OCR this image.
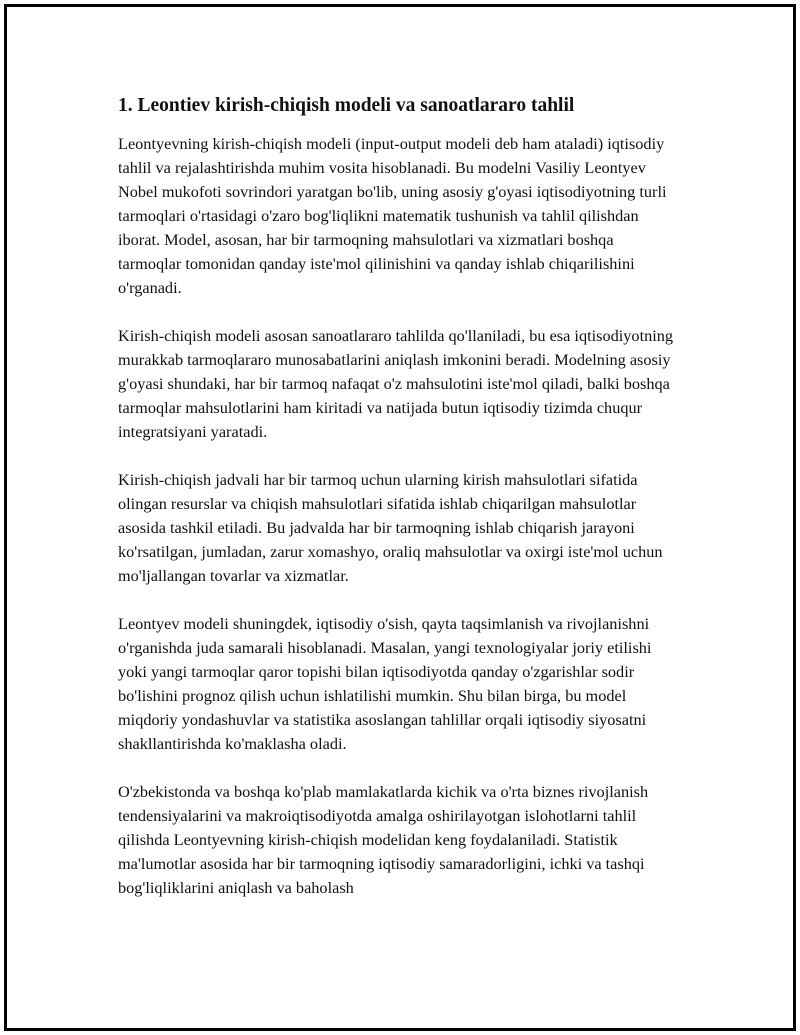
1. Leontiev kirish-chiqish modeli va sanoatlararo tahlil

Leontyevning kirish-chiqish modeli (input-output modeli deb ham ataladi) iqtisodiy tahlil va rejalashtirishda muhim vosita hisoblanadi. Bu modelni Vasiliy Leontyev Nobel mukofoti sovrindori yaratgan bo'lib, uning asosiy g'oyasi iqtisodiyotning turli tarmoqlari o'rtasidagi o'zaro bog'liqlikni matematik tushunish va tahlil qilishdan iborat. Model, asosan, har bir tarmoqning mahsulotlari va xizmatlari boshqa tarmoqlar tomonidan qanday iste'mol qilinishini va qanday ishlab chiqarilishini o'rganadi.

Kirish-chiqish modeli asosan sanoatlararo tahlilda qo'llaniladi, bu esa iqtisodiyotning murakkab tarmoqlararo munosabatlarini aniqlash imkonini beradi. Modelning asosiy g'oyasi shundaki, har bir tarmoq nafaqat o'z mahsulotini iste'mol qiladi, balki boshqa tarmoqlar mahsulotlarini ham kiritadi va natijada butun iqtisodiy tizimda chuqur integratsiyani yaratadi.

Kirish-chiqish jadvali har bir tarmoq uchun ularning kirish mahsulotlari sifatida olingan resurslar va chiqish mahsulotlari sifatida ishlab chiqarilgan mahsulotlar asosida tashkil etiladi. Bu jadvalda har bir tarmoqning ishlab chiqarish jarayoni ko'rsatilgan, jumladan, zarur xomashyo, oraliq mahsulotlar va oxirgi iste'mol uchun mo'ljallangan tovarlar va xizmatlar.

Leontyev modeli shuningdek, iqtisodiy o'sish, qayta taqsimlanish va rivojlanishni o'rganishda juda samarali hisoblanadi. Masalan, yangi texnologiyalar joriy etilishi yoki yangi tarmoqlar qaror topishi bilan iqtisodiyotda qanday o'zgarishlar sodir bo'lishini prognoz qilish uchun ishlatilishi mumkin. Shu bilan birga, bu model miqdoriy yondashuvlar va statistika asoslangan tahlillar orqali iqtisodiy siyosatni shakllantirishda ko'maklasha oladi.

O'zbekistonda va boshqa ko'plab mamlakatlarda kichik va o'rta biznes rivojlanish tendensiyalarini va makroiqtisodiyotda amalga oshirilayotgan islohotlarni tahlil qilishda Leontyevning kirish-chiqish modelidan keng foydalaniladi. Statistik ma'lumotlar asosida har bir tarmoqning iqtisodiy samaradorligini, ichki va tashqi bog'liqliklarini aniqlash va baholash
